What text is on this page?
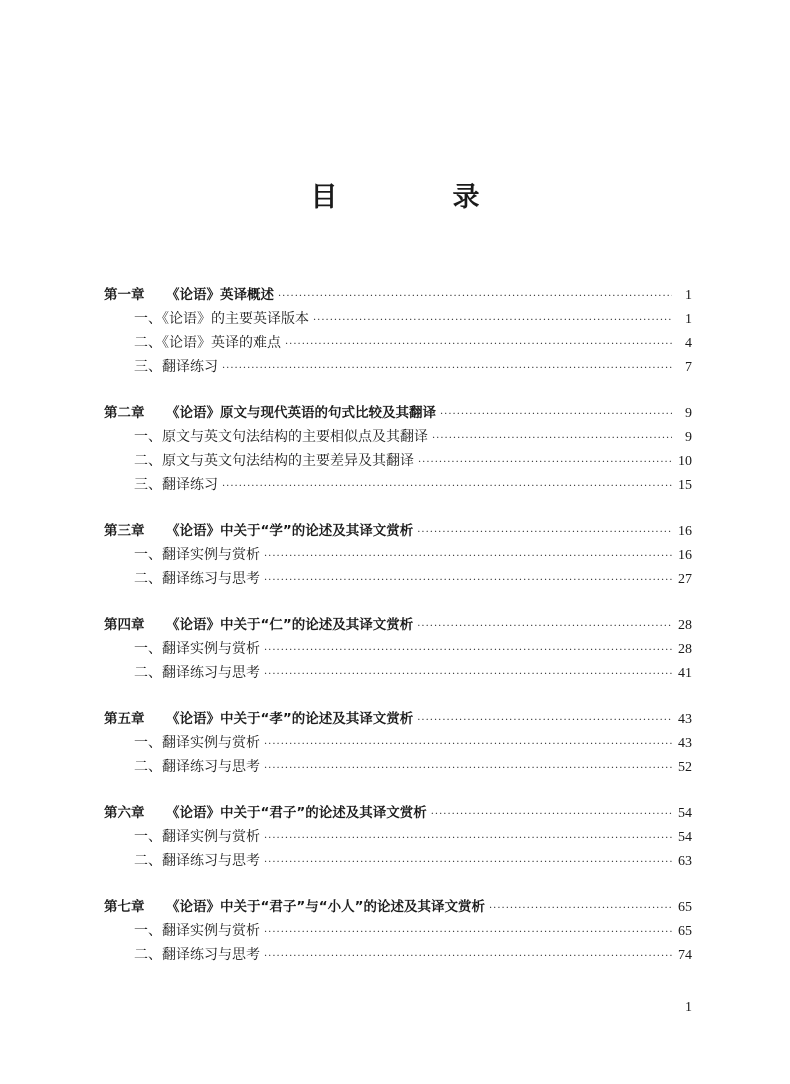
目　录
第一章	《论语》英译概述 ·····	1
一、《论语》的主要英译版本 ·····	1
二、《论语》英译的难点 ·····	4
三、翻译练习 ·····	7
第二章	《论语》原文与现代英语的句式比较及其翻译 ·····	9
一、原文与英文句法结构的主要相似点及其翻译 ·····	9
二、原文与英文句法结构的主要差异及其翻译 ·····	10
三、翻译练习 ·····	15
第三章	《论语》中关于“学”的论述及其译文赏析 ·····	16
一、翻译实例与赏析 ·····	16
二、翻译练习与思考 ·····	27
第四章	《论语》中关于“仁”的论述及其译文赏析 ·····	28
一、翻译实例与赏析 ·····	28
二、翻译练习与思考 ·····	41
第五章	《论语》中关于“孝”的论述及其译文赏析 ·····	43
一、翻译实例与赏析 ·····	43
二、翻译练习与思考 ·····	52
第六章	《论语》中关于“君子”的论述及其译文赏析 ·····	54
一、翻译实例与赏析 ·····	54
二、翻译练习与思考 ·····	63
第七章	《论语》中关于“君子”与“小人”的论述及其译文赏析 ·····	65
一、翻译实例与赏析 ·····	65
二、翻译练习与思考 ·····	74
1
